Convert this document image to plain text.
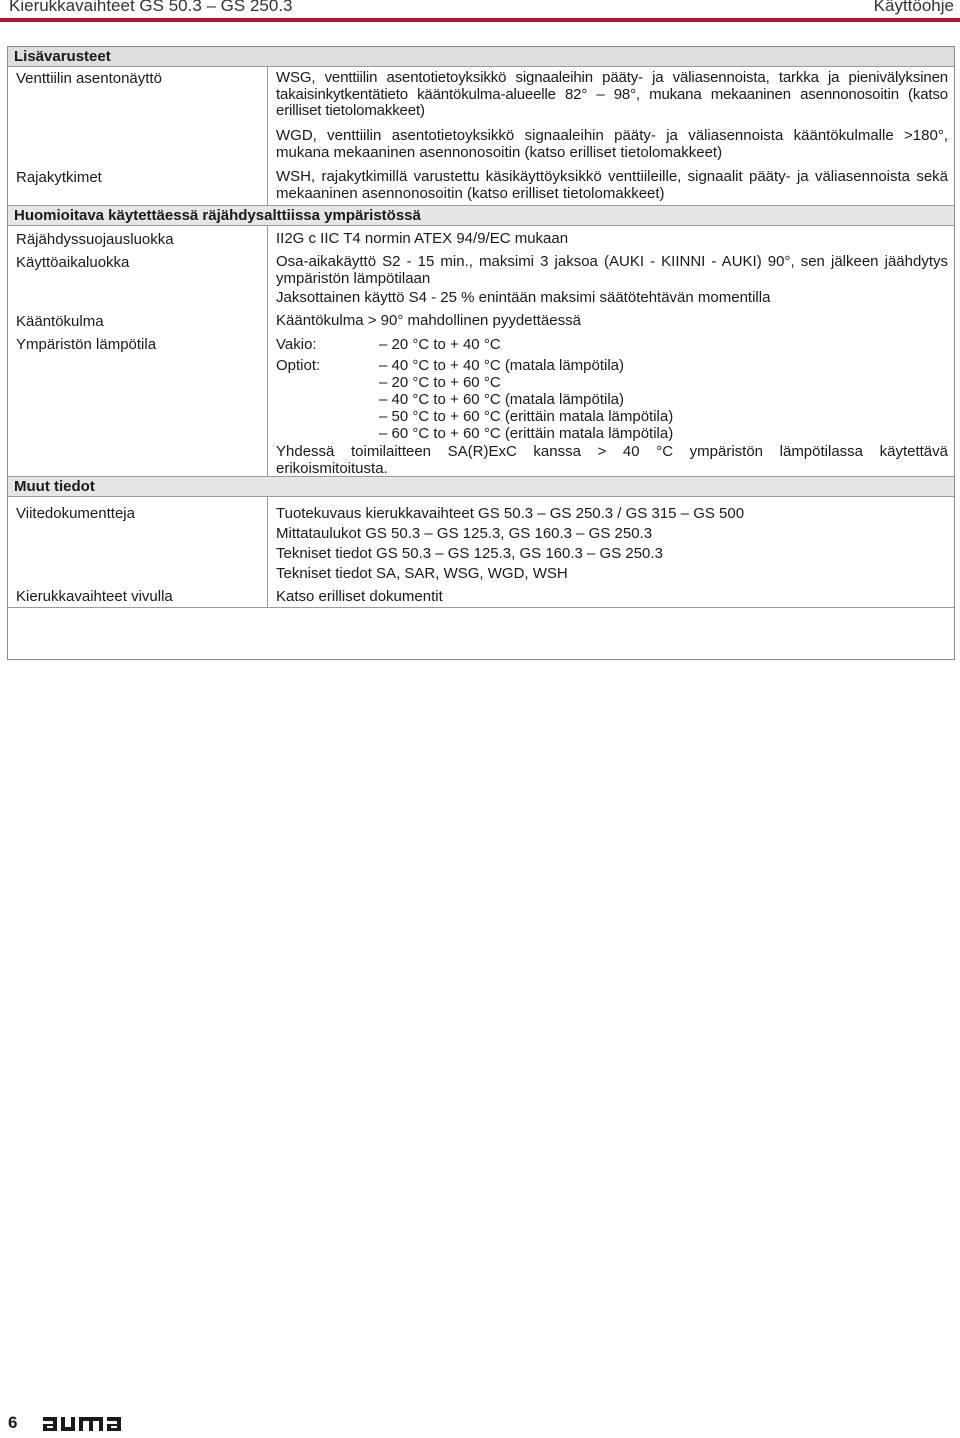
Kierukkavaihteet GS 50.3 – GS 250.3	Käyttöohje
Lisävarusteet
Venttiilin asentonäyttö	WSG, venttiilin asentotietoyksikkö signaaleihin pääty- ja väliasennoista, tarkka ja pienivälyksinen takaisinkytkentätieto kääntökulma-alueelle 82° – 98°, mukana mekaaninen asennonosoitin (katso erilliset tietolomakkeet)
WGD, venttiilin asentotietoyksikkö signaaleihin pääty- ja väliasennoista kääntökulmalle >180°, mukana mekaaninen asennonosoitin (katso erilliset tietolomakkeet)
Rajakytkimet	WSH, rajakytkimillä varustettu käsikäyttöyksikkö venttiileille, signaalit pääty- ja väliasennoista sekä mekaaninen asennonosoitin (katso erilliset tietolomakkeet)
Huomioitava käytettäessä räjähdysalttiissa ympäristössä
Räjähdyssuojausluokka	II2G c IIC T4 normin ATEX 94/9/EC mukaan
Käyttöaikaluokka	Osa-aikakäyttö S2 - 15 min., maksimi 3 jaksoa (AUKI - KIINNI - AUKI) 90°, sen jälkeen jäähdytys ympäristön lämpötilaan
Jaksottainen käyttö S4 - 25 % enintään maksimi säätötehtävän momentilla
Kääntökulma	Kääntökulma > 90° mahdollinen pyydettäessä
Ympäristön lämpötila	Vakio:	– 20 °C to + 40 °C
Optiot:	– 40 °C to + 40 °C (matala lämpötila)
– 20 °C to + 60 °C
– 40 °C to + 60 °C (matala lämpötila)
– 50 °C to + 60 °C (erittäin matala lämpötila)
– 60 °C to + 60 °C (erittäin matala lämpötila)
Yhdessä toimilaitteen SA(R)ExC kanssa > 40 °C ympäristön lämpötilassa käytettävä erikoismitoitusta.
Muut tiedot
Viitedokumentteja	Tuotekuvaus kierukkavaihteet GS 50.3 – GS 250.3 / GS 315 – GS 500
Mittataulukot GS 50.3 – GS 125.3, GS 160.3 – GS 250.3
Tekniset tiedot GS 50.3 – GS 125.3, GS 160.3 – GS 250.3
Tekniset tiedot SA, SAR, WSG, WGD, WSH
Kierukkavaihteet vivulla	Katso erilliset dokumentit
6
